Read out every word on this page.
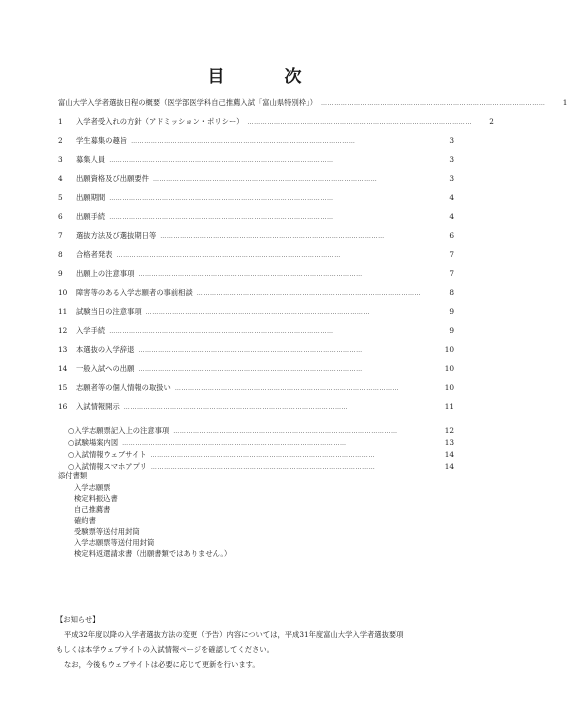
目	次
富山大学入学者選抜日程の概要（医学部医学科自己推薦入試「富山県特別枠」） …………………………………………………………………………………………	1
1	入学者受入れの方針（アドミッション・ポリシー） …………………………………………………………………………………………	2
2	学生募集の趣旨 …………………………………………………………………………………………	3
3	募集人員 …………………………………………………………………………………………	3
4	出願資格及び出願要件 …………………………………………………………………………………………	3
5	出願期間 …………………………………………………………………………………………	4
6	出願手続 …………………………………………………………………………………………	4
7	選抜方法及び選抜期日等 …………………………………………………………………………………………	6
8	合格者発表 …………………………………………………………………………………………	7
9	出願上の注意事項 …………………………………………………………………………………………	7
10	障害等のある入学志願者の事前相談 …………………………………………………………………………………………	8
11	試験当日の注意事項 …………………………………………………………………………………………	9
12	入学手続 …………………………………………………………………………………………	9
13	本選抜の入学辞退 …………………………………………………………………………………………	10
14	一般入試への出願 …………………………………………………………………………………………	10
15	志願者等の個人情報の取扱い …………………………………………………………………………………………	10
16	入試情報開示 …………………………………………………………………………………………	11
○入学志願票記入上の注意事項 …………………………………………………………………………………………	12
○試験場案内図 …………………………………………………………………………………………	13
○入試情報ウェブサイト …………………………………………………………………………………………	14
○入試情報スマホアプリ …………………………………………………………………………………………	14
添付書類
入学志願票
検定料振込書
自己推薦書
確約書
受験票等送付用封筒
入学志願票等送付用封筒
検定料返還請求書（出願書類ではありません。）

【お知らせ】

平成32年度以降の入学者選抜方法の変更（予告）内容については，平成31年度富山大学入学者選抜要項

もしくは本学ウェブサイトの入試情報ページを確認してください。

なお，今後もウェブサイトは必要に応じて更新を行います。
